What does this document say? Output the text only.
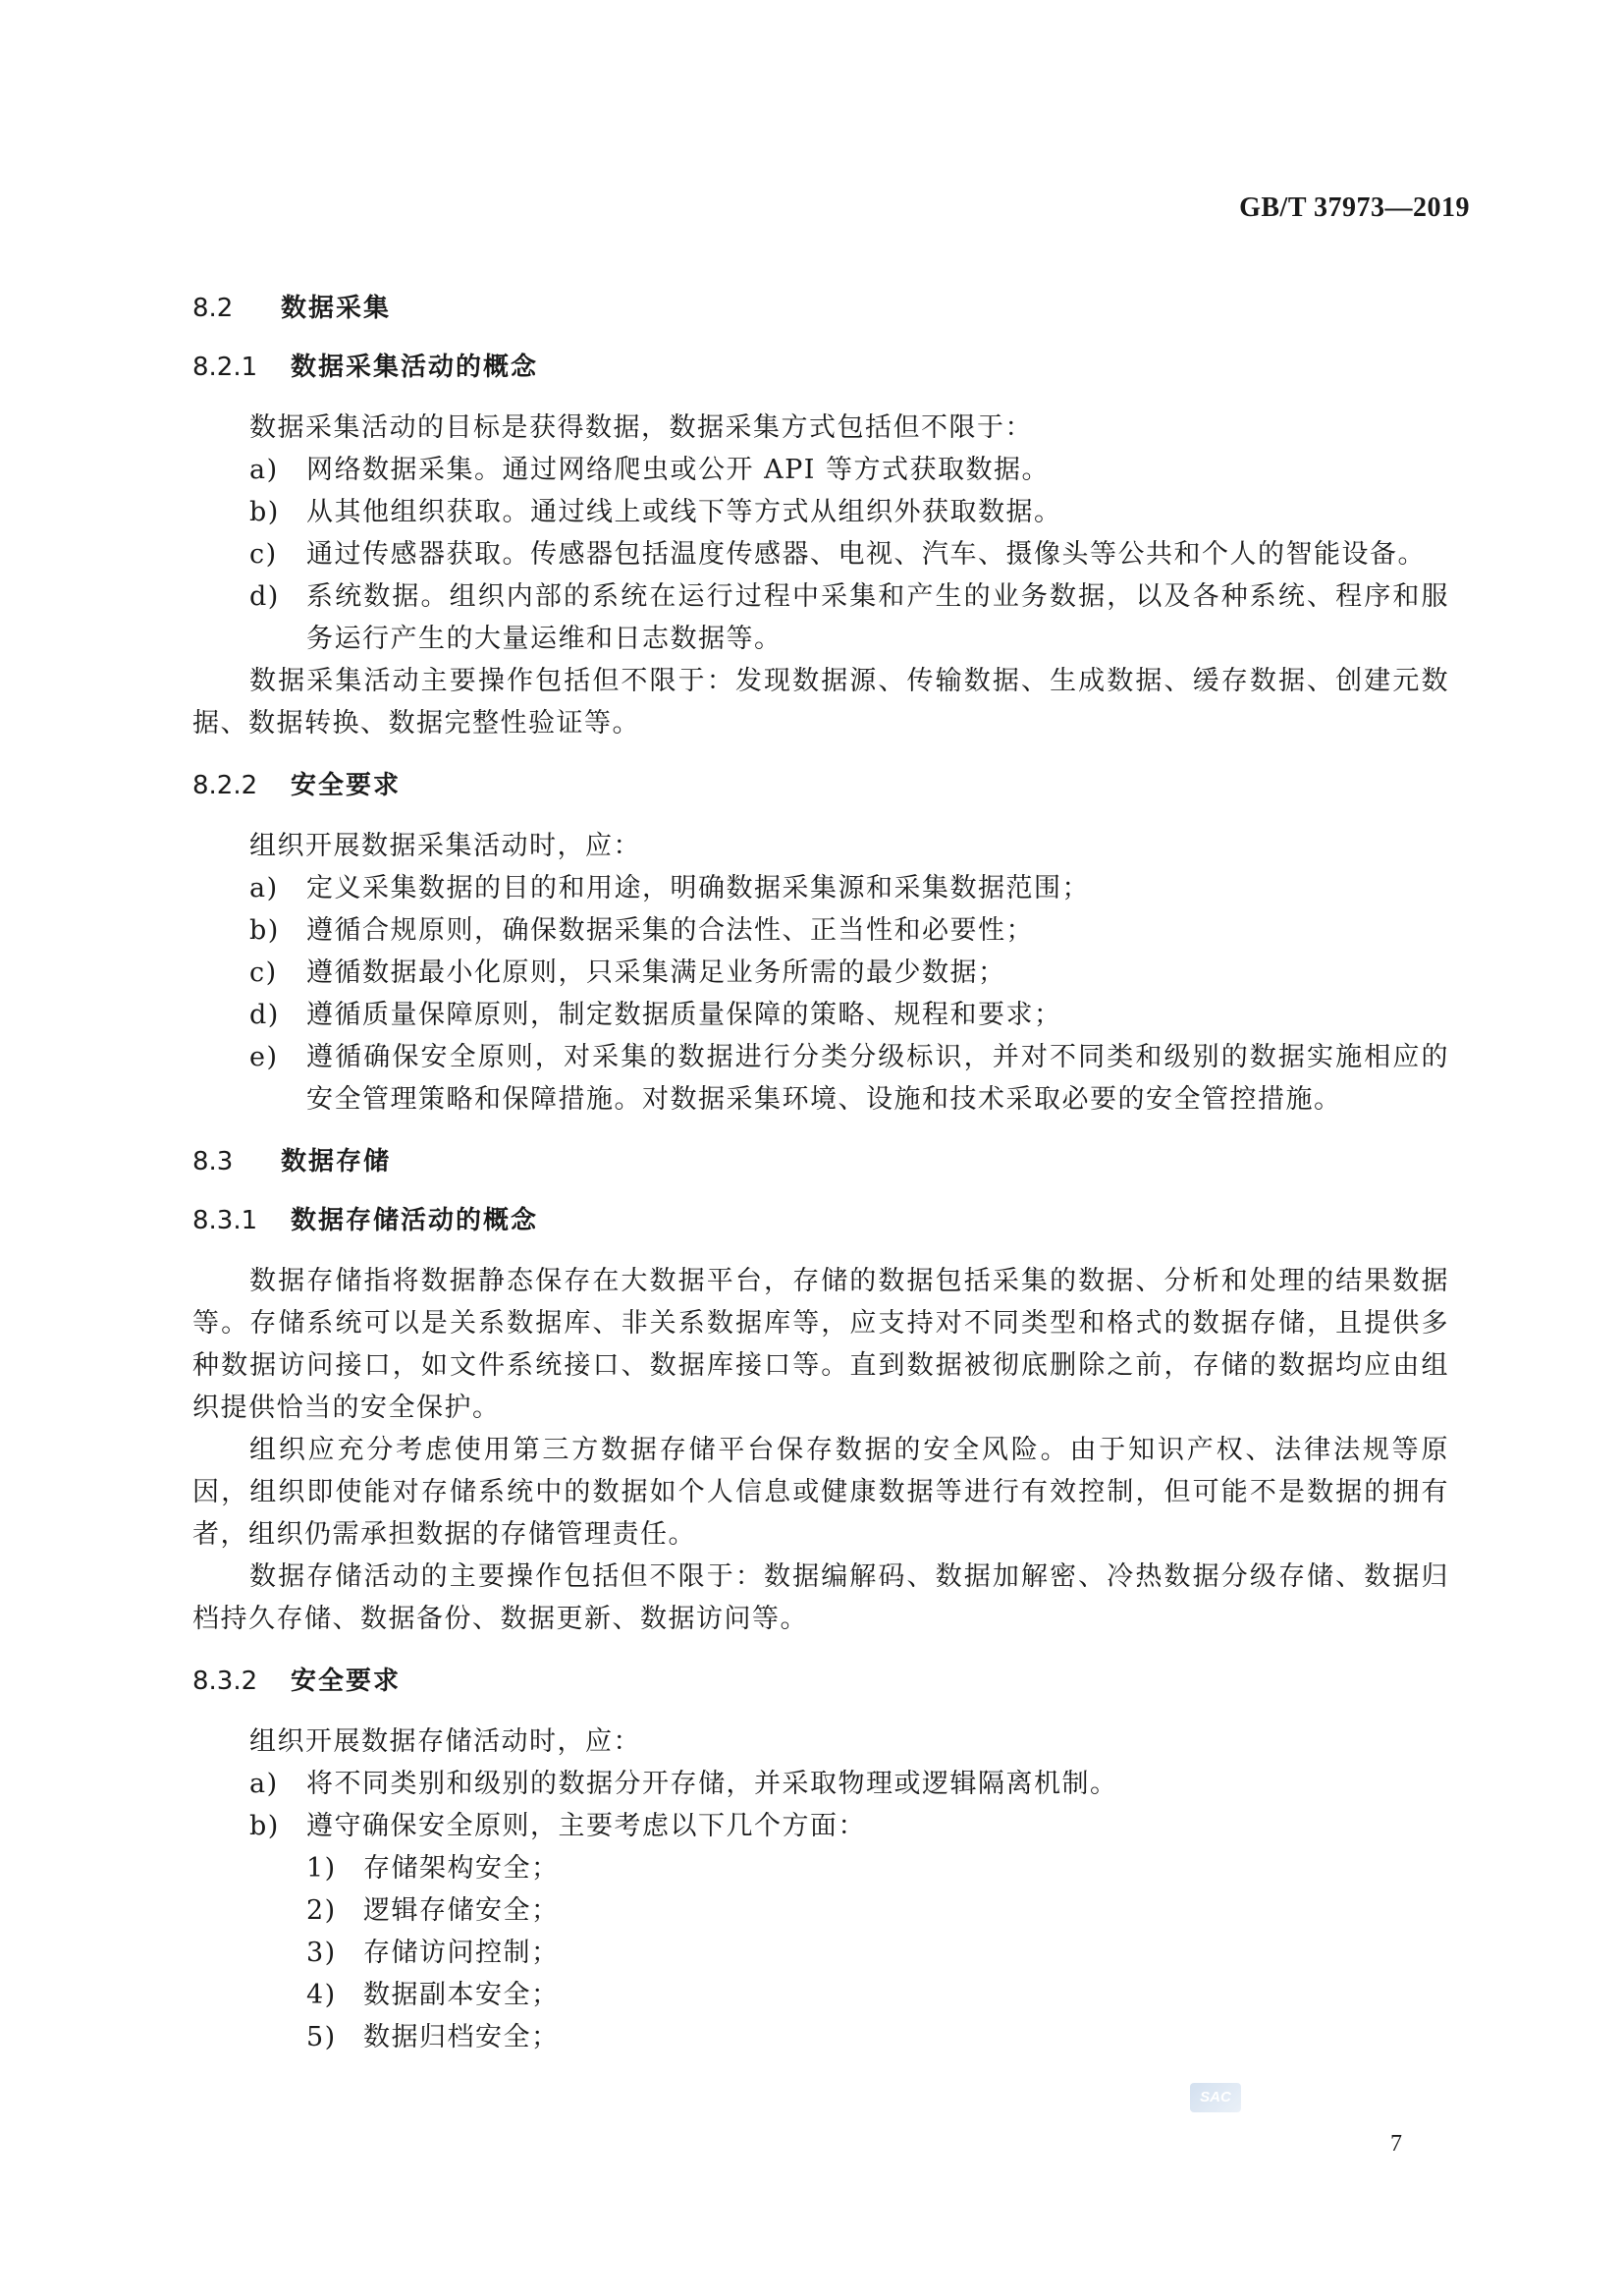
GB/T 37973—2019
8.2	数据采集
8.2.1	数据采集活动的概念

数据采集活动的目标是获得数据，数据采集方式包括但不限于：

a)	网络数据采集。通过网络爬虫或公开 API 等方式获取数据。
b)	从其他组织获取。通过线上或线下等方式从组织外获取数据。
c)	通过传感器获取。传感器包括温度传感器、电视、汽车、摄像头等公共和个人的智能设备。
d)	系统数据。组织内部的系统在运行过程中采集和产生的业务数据，以及各种系统、程序和服务运行产生的大量运维和日志数据等。

数据采集活动主要操作包括但不限于：发现数据源、传输数据、生成数据、缓存数据、创建元数据、数据转换、数据完整性验证等。

8.2.2	安全要求

组织开展数据采集活动时，应：

a)	定义采集数据的目的和用途，明确数据采集源和采集数据范围；
b)	遵循合规原则，确保数据采集的合法性、正当性和必要性；
c)	遵循数据最小化原则，只采集满足业务所需的最少数据；
d)	遵循质量保障原则，制定数据质量保障的策略、规程和要求；
e)	遵循确保安全原则，对采集的数据进行分类分级标识，并对不同类和级别的数据实施相应的安全管理策略和保障措施。对数据采集环境、设施和技术采取必要的安全管控措施。
8.3	数据存储
8.3.1	数据存储活动的概念

数据存储指将数据静态保存在大数据平台，存储的数据包括采集的数据、分析和处理的结果数据等。存储系统可以是关系数据库、非关系数据库等，应支持对不同类型和格式的数据存储，且提供多种数据访问接口，如文件系统接口、数据库接口等。直到数据被彻底删除之前，存储的数据均应由组织提供恰当的安全保护。

组织应充分考虑使用第三方数据存储平台保存数据的安全风险。由于知识产权、法律法规等原因，组织即使能对存储系统中的数据如个人信息或健康数据等进行有效控制，但可能不是数据的拥有者，组织仍需承担数据的存储管理责任。

数据存储活动的主要操作包括但不限于：数据编解码、数据加解密、冷热数据分级存储、数据归档持久存储、数据备份、数据更新、数据访问等。

8.3.2	安全要求

组织开展数据存储活动时，应：

a)	将不同类别和级别的数据分开存储，并采取物理或逻辑隔离机制。
b)	遵守确保安全原则，主要考虑以下几个方面：
1)	存储架构安全；
2)	逻辑存储安全；
3)	存储访问控制；
4)	数据副本安全；
5)	数据归档安全；
SAC
7
